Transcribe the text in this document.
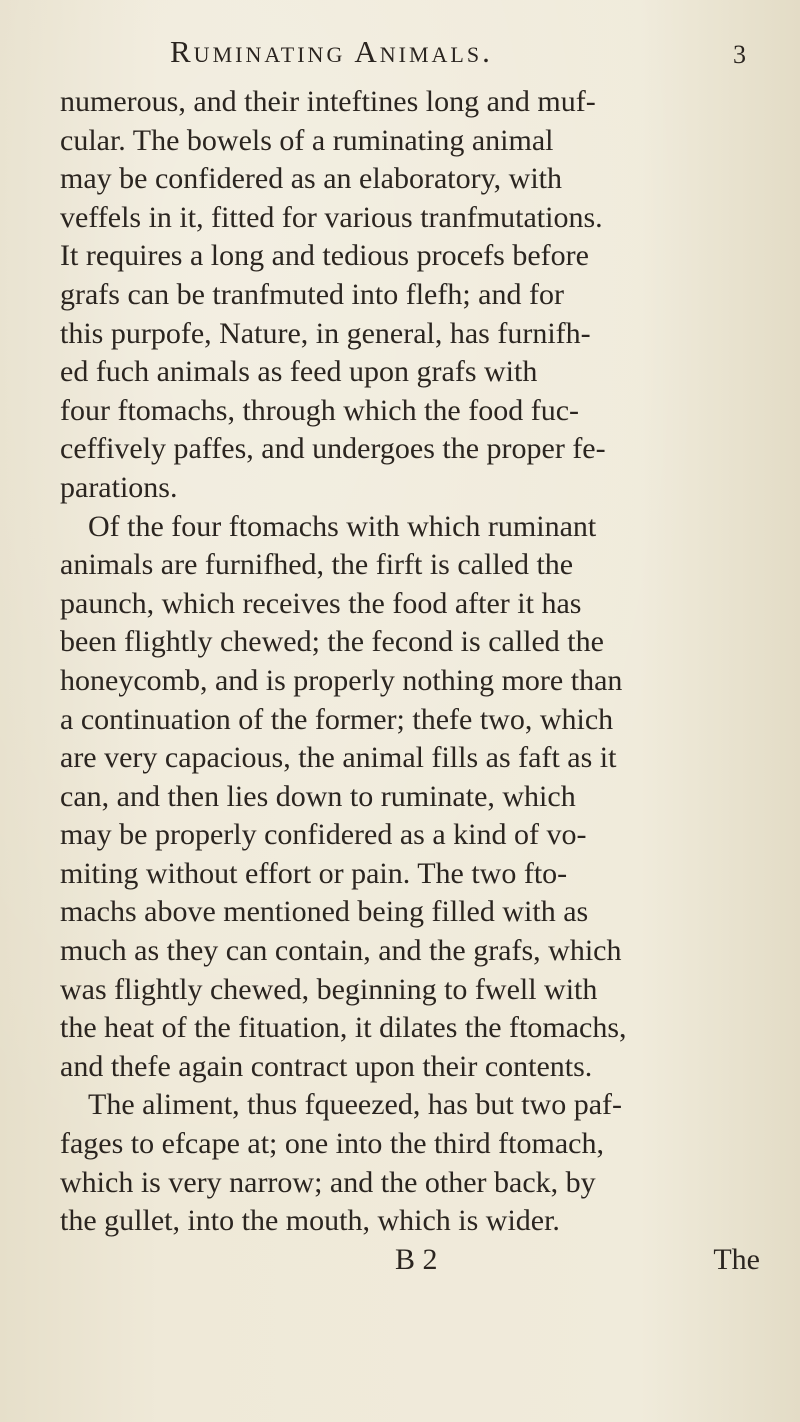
Ruminating Animals.	3
numerous, and their inteftines long and muf-
cular. The bowels of a ruminating animal
may be confidered as an elaboratory, with
veffels in it, fitted for various tranfmutations.
It requires a long and tedious procefs before
grafs can be tranfmuted into flefh; and for
this purpofe, Nature, in general, has furnifh-
ed fuch animals as feed upon grafs with
four ftomachs, through which the food fuc-
ceffively paffes, and undergoes the proper fe-
parations.
Of the four ftomachs with which ruminant
animals are furnifhed, the firft is called the
paunch, which receives the food after it has
been flightly chewed; the fecond is called the
honeycomb, and is properly nothing more than
a continuation of the former; thefe two, which
are very capacious, the animal fills as faft as it
can, and then lies down to ruminate, which
may be properly confidered as a kind of vo-
miting without effort or pain. The two fto-
machs above mentioned being filled with as
much as they can contain, and the grafs, which
was flightly chewed, beginning to fwell with
the heat of the fituation, it dilates the ftomachs,
and thefe again contract upon their contents.
The aliment, thus fqueezed, has but two paf-
fages to efcape at; one into the third ftomach,
which is very narrow; and the other back, by
the gullet, into the mouth, which is wider.
B 2	The
